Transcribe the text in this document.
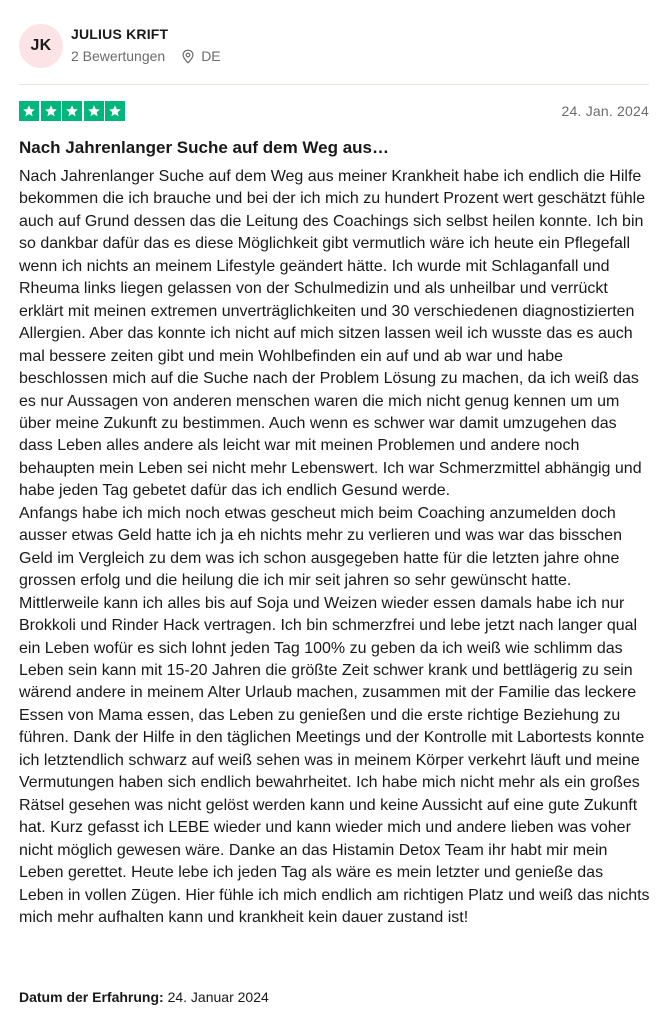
JK
JULIUS KRIFT
2 Bewertungen	DE
24. Jan. 2024
Nach Jahrenlanger Suche auf dem Weg aus…

Nach Jahrenlanger Suche auf dem Weg aus meiner Krankheit habe ich endlich die Hilfe bekommen die ich brauche und bei der ich mich zu hundert Prozent wert geschätzt fühle auch auf Grund dessen das die Leitung des Coachings sich selbst heilen konnte. Ich bin so dankbar dafür das es diese Möglichkeit gibt vermutlich wäre ich heute ein Pflegefall wenn ich nichts an meinem Lifestyle geändert hätte. Ich wurde mit Schlaganfall und Rheuma links liegen gelassen von der Schulmedizin und als unheilbar und verrückt erklärt mit meinen extremen unverträglichkeiten und 30 verschiedenen diagnostizierten Allergien. Aber das konnte ich nicht auf mich sitzen lassen weil ich wusste das es auch mal bessere zeiten gibt und mein Wohlbefinden ein auf und ab war und habe beschlossen mich auf die Suche nach der Problem Lösung zu machen, da ich weiß das es nur Aussagen von anderen menschen waren die mich nicht genug kennen um um über meine Zukunft zu bestimmen. Auch wenn es schwer war damit umzugehen das dass Leben alles andere als leicht war mit meinen Problemen und andere noch behaupten mein Leben sei nicht mehr Lebenswert. Ich war Schmerzmittel abhängig und habe jeden Tag gebetet dafür das ich endlich Gesund werde.

Anfangs habe ich mich noch etwas gescheut mich beim Coaching anzumelden doch ausser etwas Geld hatte ich ja eh nichts mehr zu verlieren und was war das bisschen Geld im Vergleich zu dem was ich schon ausgegeben hatte für die letzten jahre ohne grossen erfolg und die heilung die ich mir seit jahren so sehr gewünscht hatte. Mittlerweile kann ich alles bis auf Soja und Weizen wieder essen damals habe ich nur Brokkoli und Rinder Hack vertragen. Ich bin schmerzfrei und lebe jetzt nach langer qual ein Leben wofür es sich lohnt jeden Tag 100% zu geben da ich weiß wie schlimm das Leben sein kann mit 15-20 Jahren die größte Zeit schwer krank und bettlägerig zu sein wärend andere in meinem Alter Urlaub machen, zusammen mit der Familie das leckere Essen von Mama essen, das Leben zu genießen und die erste richtige Beziehung zu führen. Dank der Hilfe in den täglichen Meetings und der Kontrolle mit Labortests konnte ich letztendlich schwarz auf weiß sehen was in meinem Körper verkehrt läuft und meine Vermutungen haben sich endlich bewahrheitet. Ich habe mich nicht mehr als ein großes Rätsel gesehen was nicht gelöst werden kann und keine Aussicht auf eine gute Zukunft hat. Kurz gefasst ich LEBE wieder und kann wieder mich und andere lieben was voher nicht möglich gewesen wäre. Danke an das Histamin Detox Team ihr habt mir mein Leben gerettet. Heute lebe ich jeden Tag als wäre es mein letzter und genieße das Leben in vollen Zügen. Hier fühle ich mich endlich am richtigen Platz und weiß das nichts mich mehr aufhalten kann und krankheit kein dauer zustand ist!

Datum der Erfahrung: 24. Januar 2024
